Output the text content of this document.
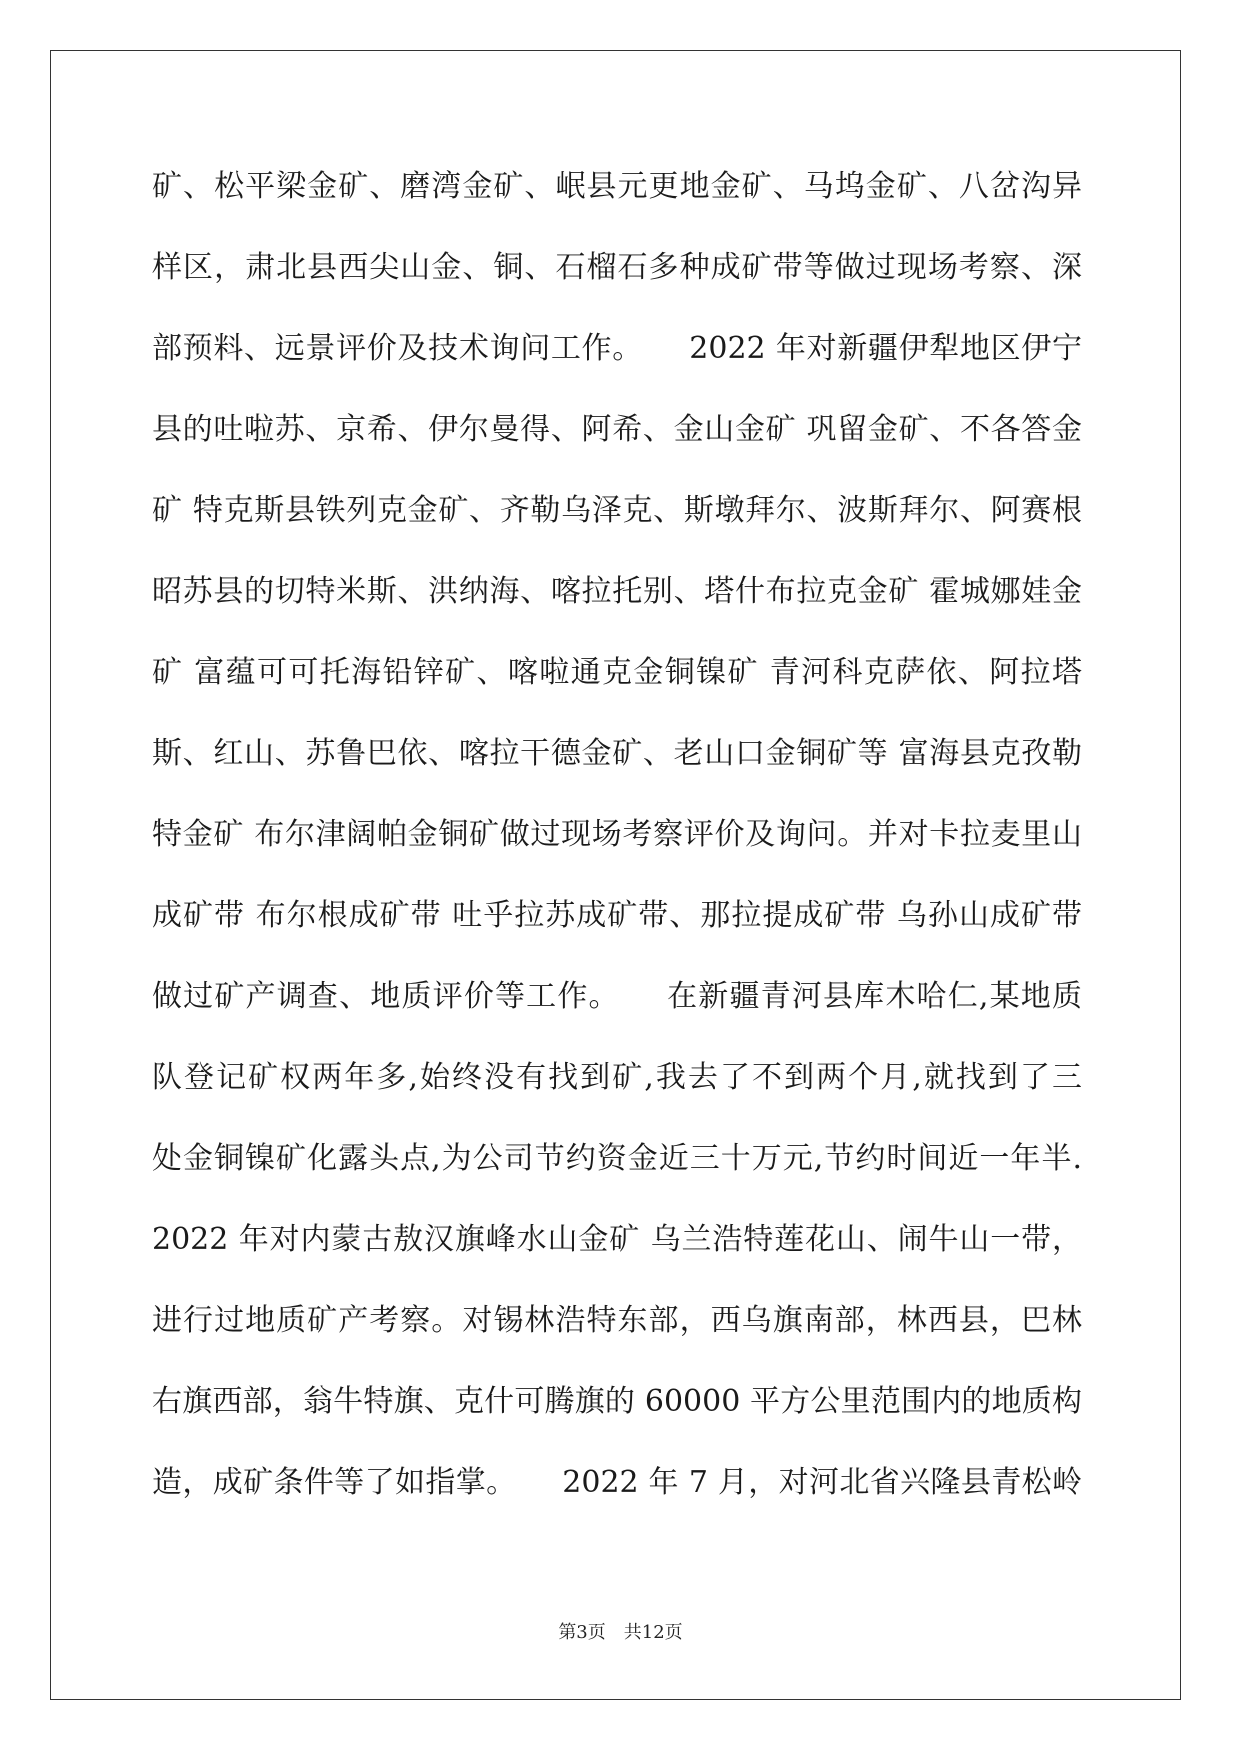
矿、松平梁金矿、磨湾金矿、岷县元更地金矿、马坞金矿、八岔沟异
样区，肃北县西尖山金、铜、石榴石多种成矿带等做过现场考察、深
部预料、远景评价及技术询问工作。　　2022 年对新疆伊犁地区伊宁
县的吐啦苏、京希、伊尔曼得、阿希、金山金矿 巩留金矿、不各答金
矿 特克斯县铁列克金矿、齐勒乌泽克、斯墩拜尔、波斯拜尔、阿赛根
昭苏县的切特米斯、洪纳海、喀拉托别、塔什布拉克金矿 霍城娜娃金
矿 富蕴可可托海铅锌矿、喀啦通克金铜镍矿 青河科克萨依、阿拉塔
斯、红山、苏鲁巴依、喀拉干德金矿、老山口金铜矿等 富海县克孜勒
特金矿 布尔津阔帕金铜矿做过现场考察评价及询问。并对卡拉麦里山
成矿带 布尔根成矿带 吐乎拉苏成矿带、那拉提成矿带 乌孙山成矿带
做过矿产调查、地质评价等工作。　　在新疆青河县库木哈仁,某地质
队登记矿权两年多,始终没有找到矿,我去了不到两个月,就找到了三
处金铜镍矿化露头点,为公司节约资金近三十万元,节约时间近一年半.
2022 年对内蒙古敖汉旗峰水山金矿 乌兰浩特莲花山、闹牛山一带，
进行过地质矿产考察。对锡林浩特东部，西乌旗南部，林西县，巴林
右旗西部，翁牛特旗、克什可腾旗的 60000 平方公里范围内的地质构
造，成矿条件等了如指掌。　　2022 年 7 月，对河北省兴隆县青松岭
第3页　共12页
